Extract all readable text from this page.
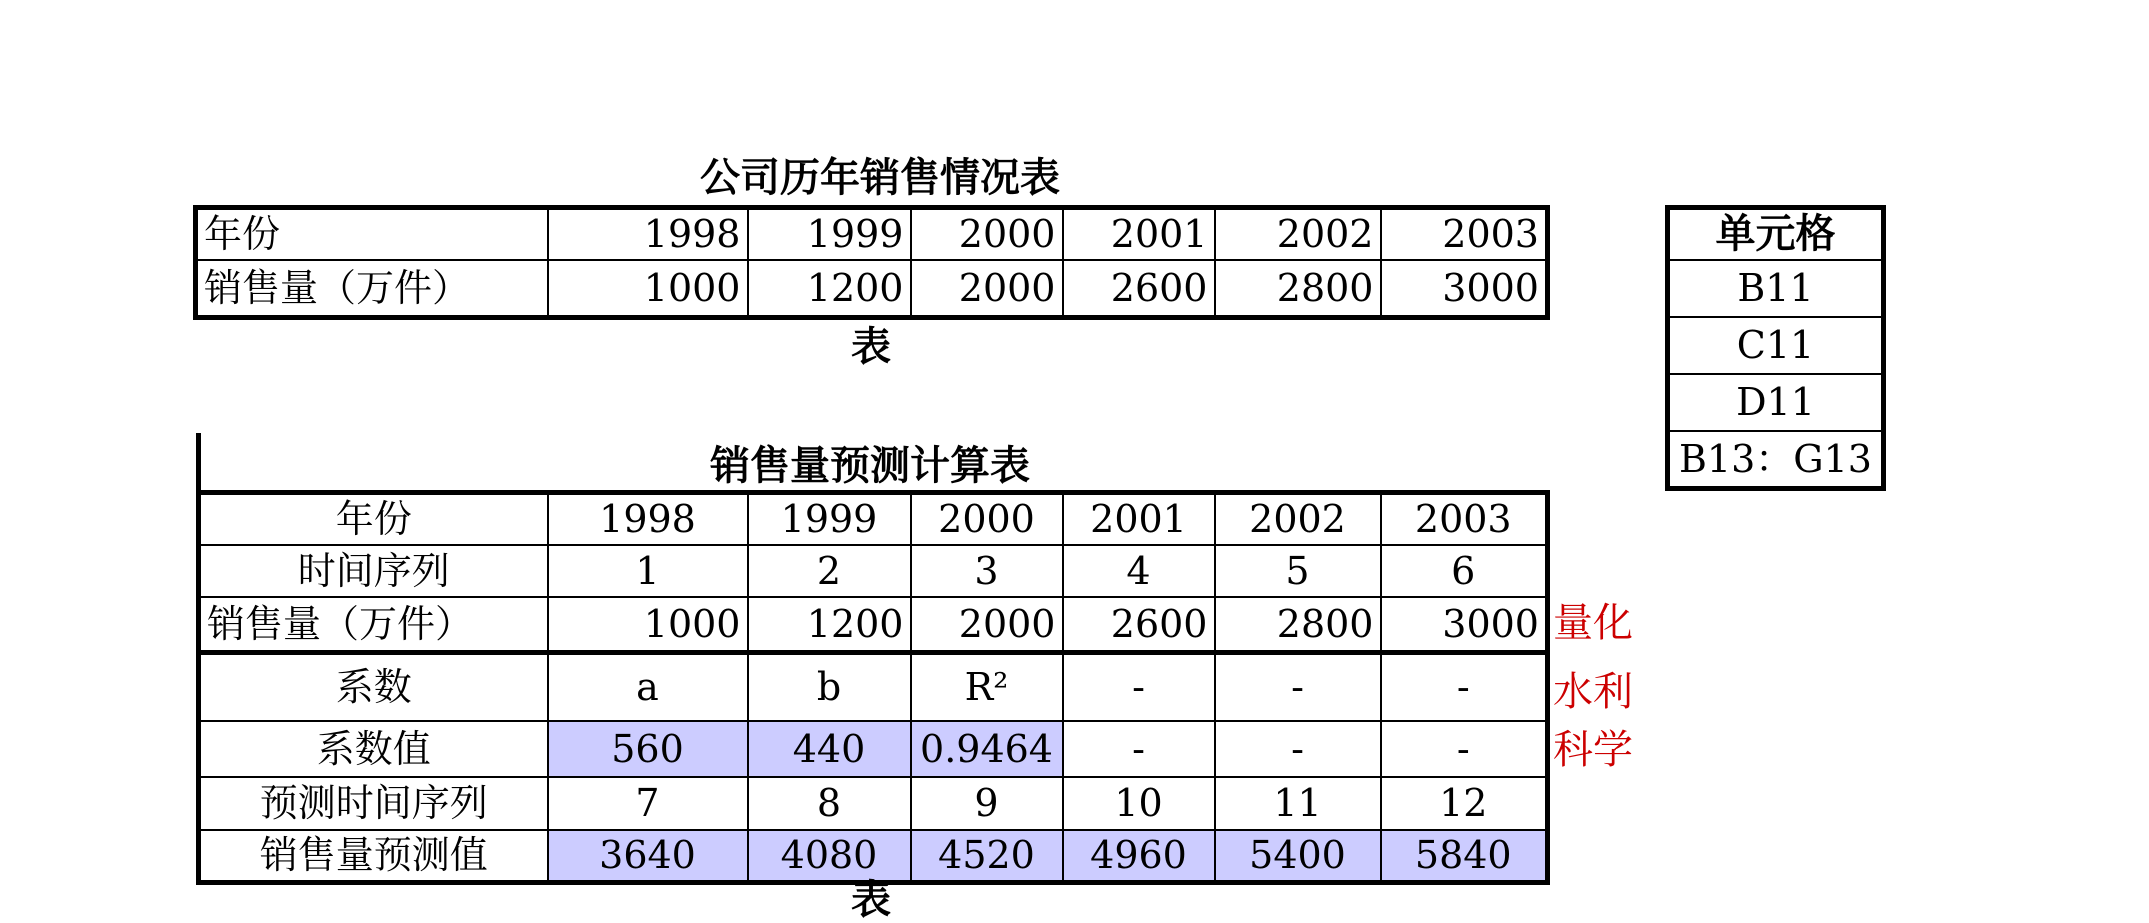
公司历年销售情况表
年份	1998	1999	2000	2001	2002	2003
销售量（万件）	1000	1200	2000	2600	2800	3000
表
单元格
B11
C11
D11
B13：G13
销售量预测计算表
年份	1998	1999	2000	2001	2002	2003
时间序列	1	2	3	4	5	6
销售量（万件）	1000	1200	2000	2600	2800	3000
系数	a	b	R²	-	-	-
系数值	560	440	0.9464	-	-	-
预测时间序列	7	8	9	10	11	12
销售量预测值	3640	4080	4520	4960	5400	5840
表
量化
水利
科学
